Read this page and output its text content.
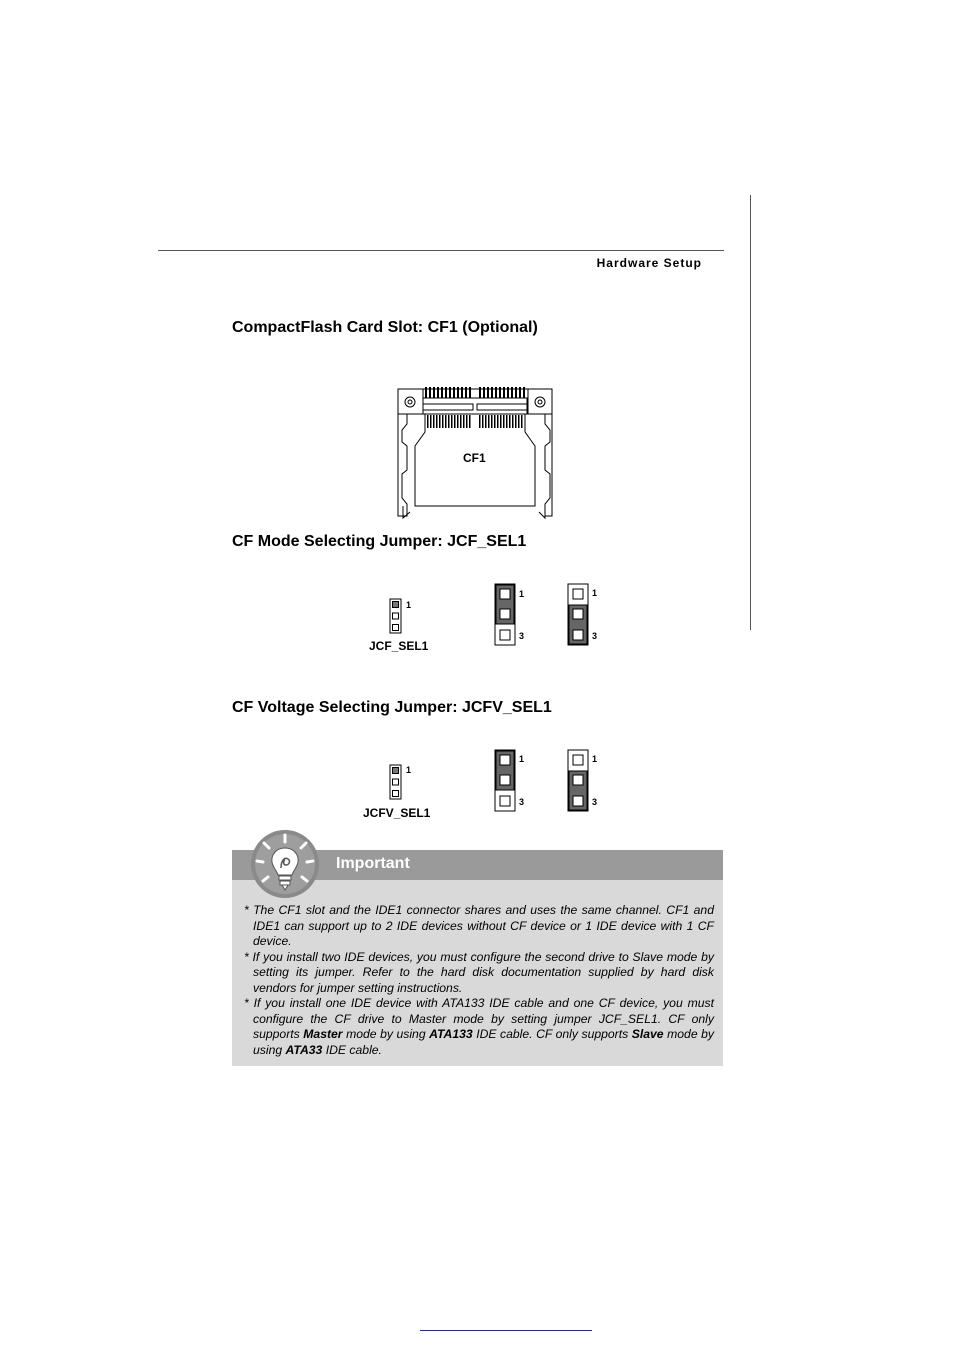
Hardware Setup
CompactFlash Card Slot: CF1 (Optional)
CF1
CF Mode Selecting Jumper: JCF_SEL1
1
JCF_SEL1
1
3
1
3
CF Voltage Selecting Jumper: JCFV_SEL1
1
JCFV_SEL1
1
3
1
3
Important

* The CF1 slot and the IDE1 connector shares and uses the same channel. CF1 and IDE1 can support up to 2 IDE devices without CF device or 1 IDE device with 1 CF device.

* If you install two IDE devices, you must configure the second drive to Slave mode by setting its jumper. Refer to the hard disk documentation supplied by hard disk vendors for jumper setting instructions.

* If you install one IDE device with ATA133 IDE cable and one CF device, you must configure the CF drive to Master mode by setting jumper JCF_SEL1. CF only supports Master mode by using ATA133 IDE cable. CF only supports Slave mode by using ATA33 IDE cable.
